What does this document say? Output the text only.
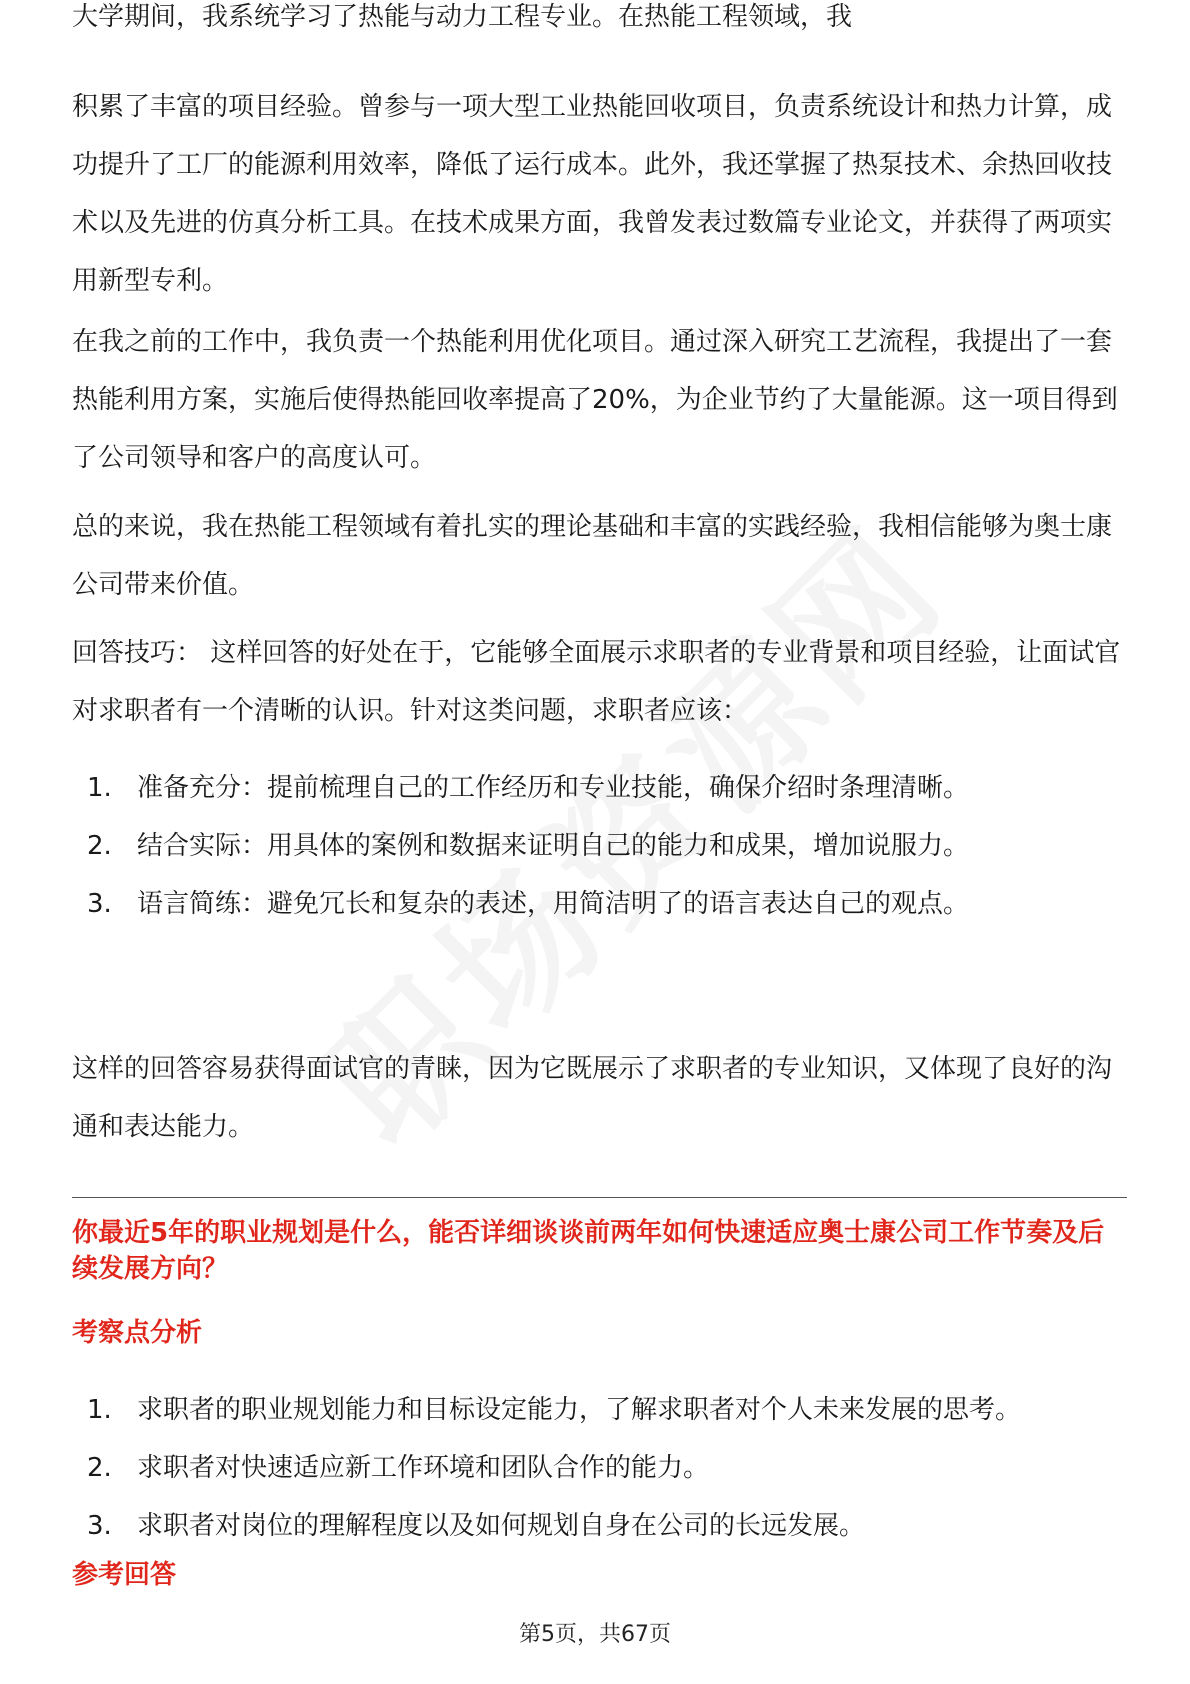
大学期间，我系统学习了热能与动力工程专业。在热能工程领域，我

积累了丰富的项目经验。曾参与一项大型工业热能回收项目，负责系统设计和热力计算，成功提升了工厂的能源利用效率，降低了运行成本。此外，我还掌握了热泵技术、余热回收技术以及先进的仿真分析工具。在技术成果方面，我曾发表过数篇专业论文，并获得了两项实用新型专利。

在我之前的工作中，我负责一个热能利用优化项目。通过深入研究工艺流程，我提出了一套热能利用方案，实施后使得热能回收率提高了20%，为企业节约了大量能源。这一项目得到了公司领导和客户的高度认可。

总的来说，我在热能工程领域有着扎实的理论基础和丰富的实践经验，我相信能够为奥士康公司带来价值。

回答技巧： 这样回答的好处在于，它能够全面展示求职者的专业背景和项目经验，让面试官对求职者有一个清晰的认识。针对这类问题，求职者应该：

1. 准备充分：提前梳理自己的工作经历和专业技能，确保介绍时条理清晰。
2. 结合实际：用具体的案例和数据来证明自己的能力和成果，增加说服力。
3. 语言简练：避免冗长和复杂的表述，用简洁明了的语言表达自己的观点。

这样的回答容易获得面试官的青睐，因为它既展示了求职者的专业知识，又体现了良好的沟通和表达能力。

你最近5年的职业规划是什么，能否详细谈谈前两年如何快速适应奥士康公司工作节奏及后续发展方向？

考察点分析

1. 求职者的职业规划能力和目标设定能力，了解求职者对个人未来发展的思考。
2. 求职者对快速适应新工作环境和团队合作的能力。
3. 求职者对岗位的理解程度以及如何规划自身在公司的长远发展。

参考回答

第5页，共67页
